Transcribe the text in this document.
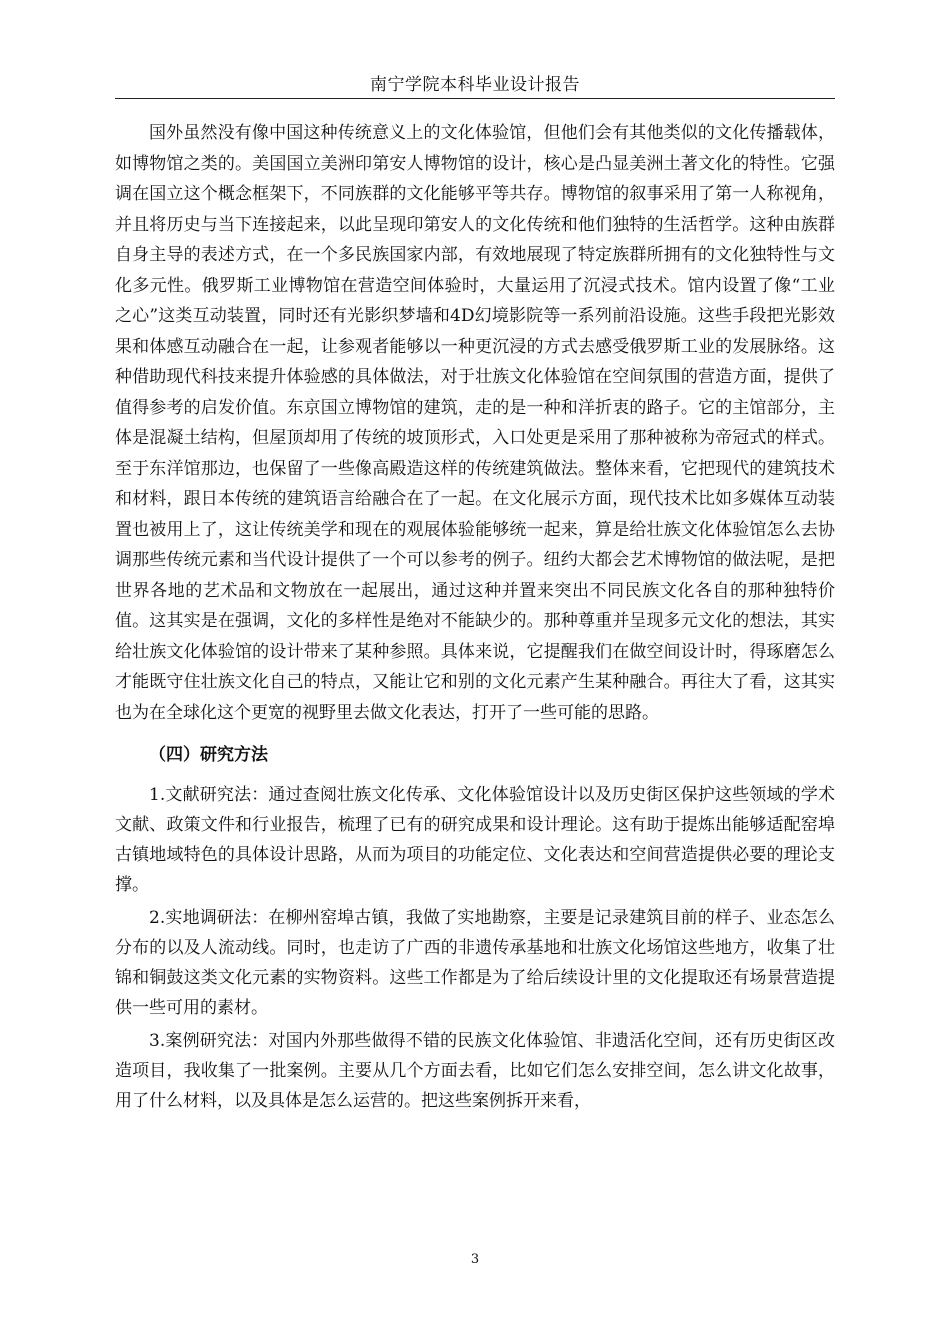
南宁学院本科毕业设计报告

国外虽然没有像中国这种传统意义上的文化体验馆，但他们会有其他类似的文化传播载体，如博物馆之类的。美国国立美洲印第安人博物馆的设计，核心是凸显美洲土著文化的特性。它强调在国立这个概念框架下，不同族群的文化能够平等共存。博物馆的叙事采用了第一人称视角，并且将历史与当下连接起来，以此呈现印第安人的文化传统和他们独特的生活哲学。这种由族群自身主导的表述方式，在一个多民族国家内部，有效地展现了特定族群所拥有的文化独特性与文化多元性。俄罗斯工业博物馆在营造空间体验时，大量运用了沉浸式技术。馆内设置了像“工业之心”这类互动装置，同时还有光影织梦墙和4D幻境影院等一系列前沿设施。这些手段把光影效果和体感互动融合在一起，让参观者能够以一种更沉浸的方式去感受俄罗斯工业的发展脉络。这种借助现代科技来提升体验感的具体做法，对于壮族文化体验馆在空间氛围的营造方面，提供了值得参考的启发价值。东京国立博物馆的建筑，走的是一种和洋折衷的路子。它的主馆部分，主体是混凝土结构，但屋顶却用了传统的坡顶形式，入口处更是采用了那种被称为帝冠式的样式。至于东洋馆那边，也保留了一些像高殿造这样的传统建筑做法。整体来看，它把现代的建筑技术和材料，跟日本传统的建筑语言给融合在了一起。在文化展示方面，现代技术比如多媒体互动装置也被用上了，这让传统美学和现在的观展体验能够统一起来，算是给壮族文化体验馆怎么去协调那些传统元素和当代设计提供了一个可以参考的例子。纽约大都会艺术博物馆的做法呢，是把世界各地的艺术品和文物放在一起展出，通过这种并置来突出不同民族文化各自的那种独特价值。这其实是在强调，文化的多样性是绝对不能缺少的。那种尊重并呈现多元文化的想法，其实给壮族文化体验馆的设计带来了某种参照。具体来说，它提醒我们在做空间设计时，得琢磨怎么才能既守住壮族文化自己的特点，又能让它和别的文化元素产生某种融合。再往大了看，这其实也为在全球化这个更宽的视野里去做文化表达，打开了一些可能的思路。

（四）研究方法

1.文献研究法：通过查阅壮族文化传承、文化体验馆设计以及历史街区保护这些领域的学术文献、政策文件和行业报告，梳理了已有的研究成果和设计理论。这有助于提炼出能够适配窑埠古镇地域特色的具体设计思路，从而为项目的功能定位、文化表达和空间营造提供必要的理论支撑。

2.实地调研法：在柳州窑埠古镇，我做了实地勘察，主要是记录建筑目前的样子、业态怎么分布的以及人流动线。同时，也走访了广西的非遗传承基地和壮族文化场馆这些地方，收集了壮锦和铜鼓这类文化元素的实物资料。这些工作都是为了给后续设计里的文化提取还有场景营造提供一些可用的素材。

3.案例研究法：对国内外那些做得不错的民族文化体验馆、非遗活化空间，还有历史街区改造项目，我收集了一批案例。主要从几个方面去看，比如它们怎么安排空间，怎么讲文化故事，用了什么材料，以及具体是怎么运营的。把这些案例拆开来看，

3
